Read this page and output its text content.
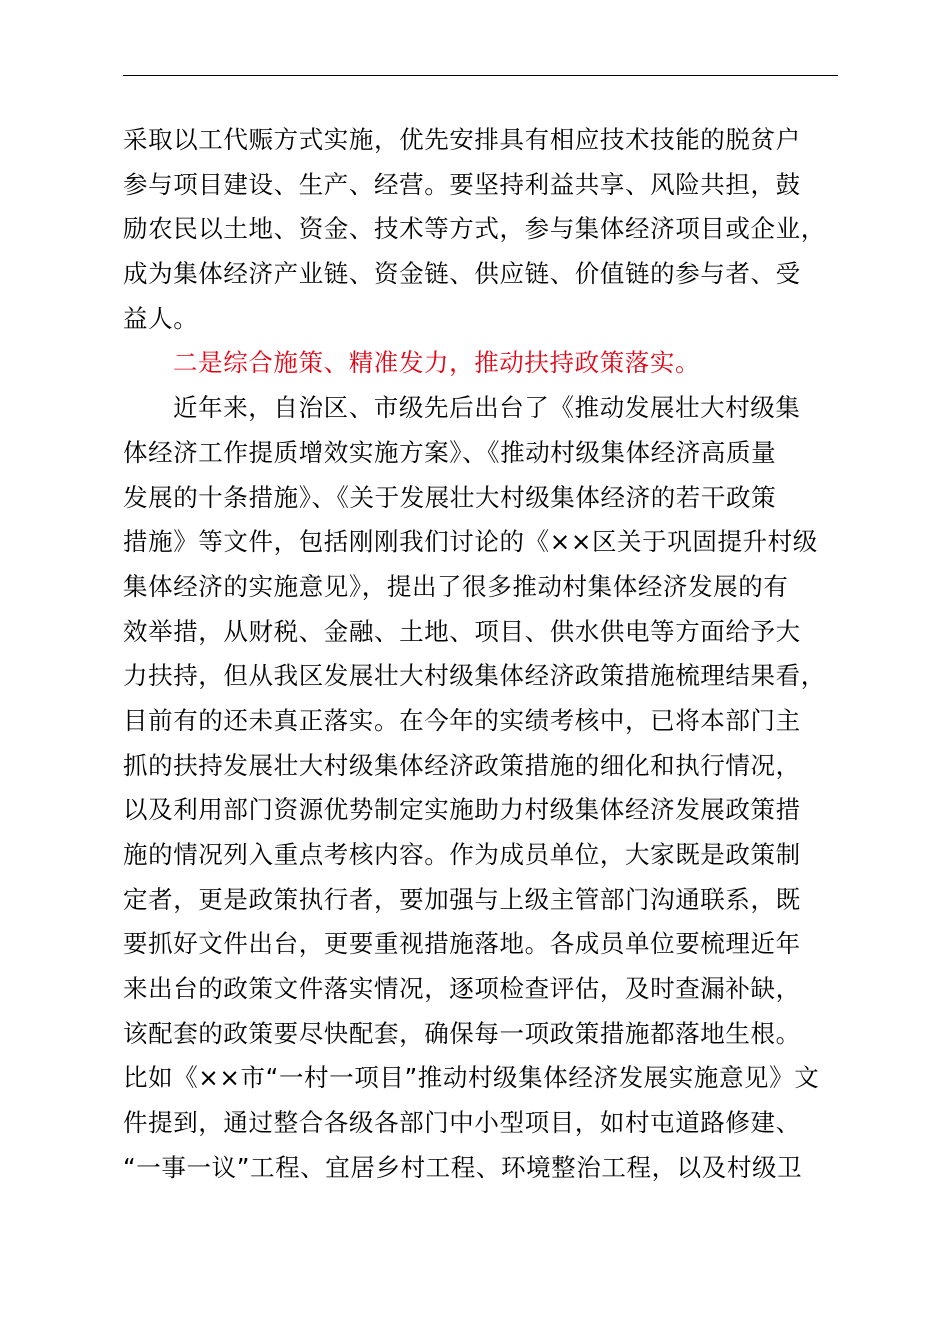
采取以工代赈方式实施，优先安排具有相应技术技能的脱贫户
参与项目建设、生产、经营。要坚持利益共享、风险共担，鼓
励农民以土地、资金、技术等方式，参与集体经济项目或企业，
成为集体经济产业链、资金链、供应链、价值链的参与者、受
益人。
二是综合施策、精准发力，推动扶持政策落实。
近年来，自治区、市级先后出台了《推动发展壮大村级集
体经济工作提质增效实施方案》、《推动村级集体经济高质量
发展的十条措施》、《关于发展壮大村级集体经济的若干政策
措施》等文件，包括刚刚我们讨论的《××区关于巩固提升村级
集体经济的实施意见》，提出了很多推动村集体经济发展的有
效举措，从财税、金融、土地、项目、供水供电等方面给予大
力扶持，但从我区发展壮大村级集体经济政策措施梳理结果看，
目前有的还未真正落实。在今年的实绩考核中，已将本部门主
抓的扶持发展壮大村级集体经济政策措施的细化和执行情况，
以及利用部门资源优势制定实施助力村级集体经济发展政策措
施的情况列入重点考核内容。作为成员单位，大家既是政策制
定者，更是政策执行者，要加强与上级主管部门沟通联系，既
要抓好文件出台，更要重视措施落地。各成员单位要梳理近年
来出台的政策文件落实情况，逐项检查评估，及时查漏补缺，
该配套的政策要尽快配套，确保每一项政策措施都落地生根。
比如《××市“一村一项目”推动村级集体经济发展实施意见》文
件提到，通过整合各级各部门中小型项目，如村屯道路修建、
“一事一议”工程、宜居乡村工程、环境整治工程，以及村级卫
